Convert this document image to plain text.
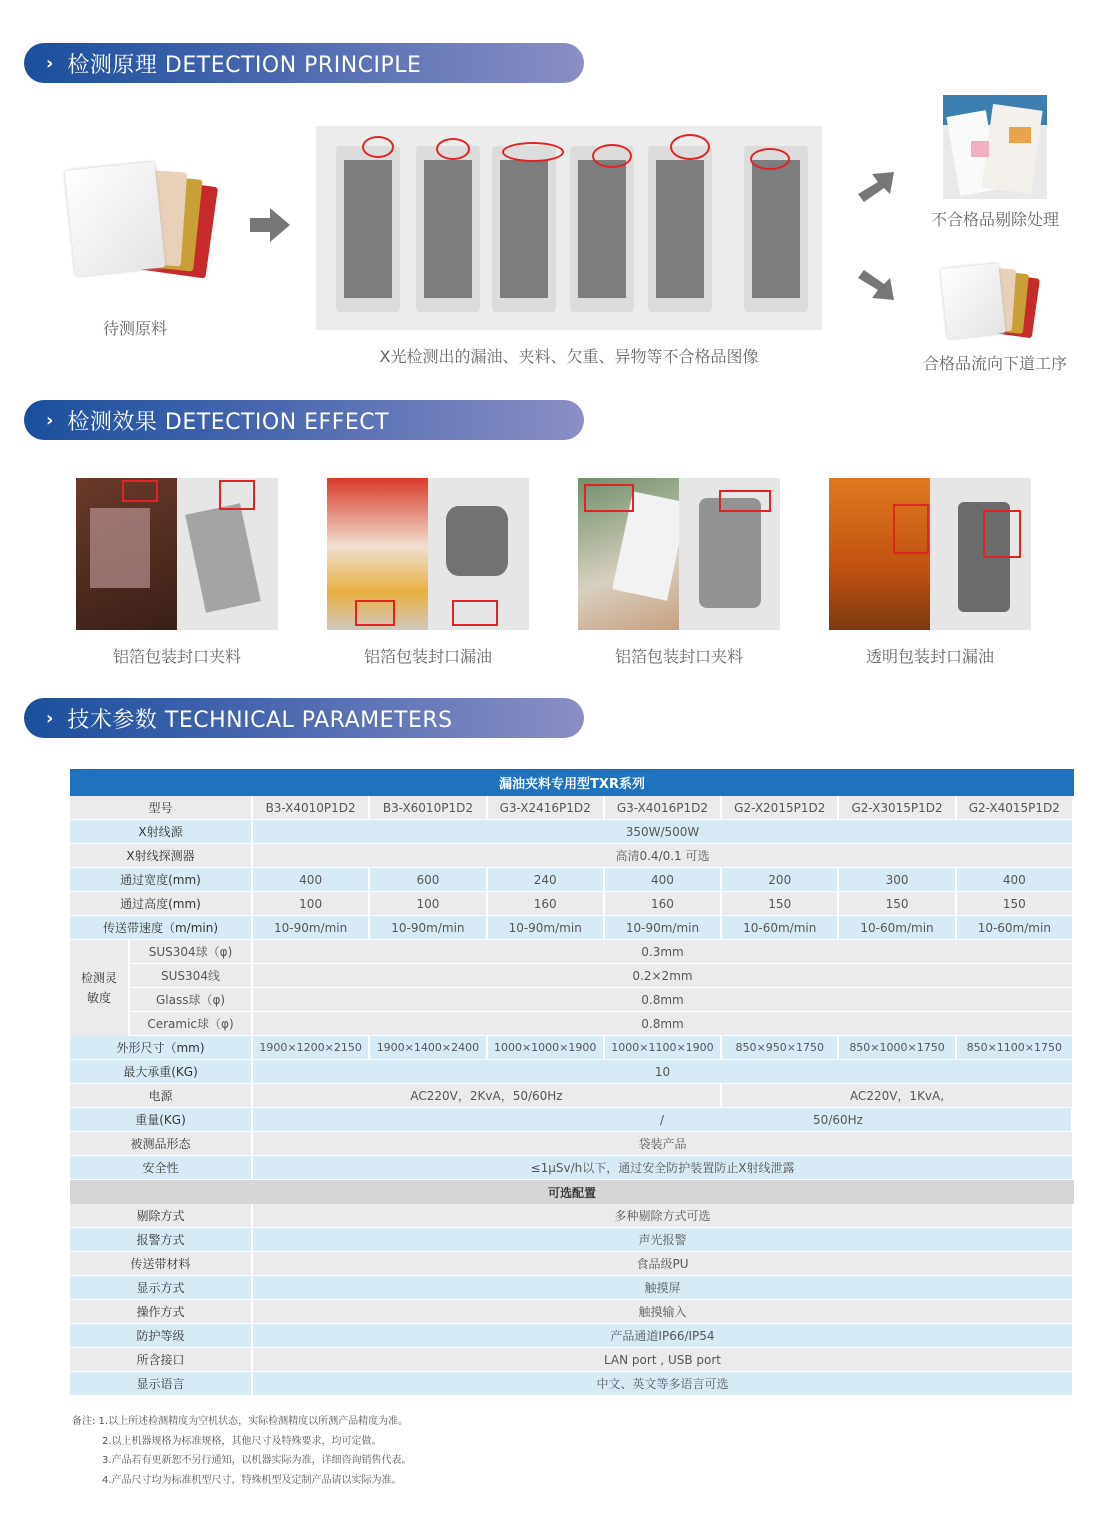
› 检测原理 DETECTION PRINCIPLE
待测原料
X光检测出的漏油、夹料、欠重、异物等不合格品图像
不合格品剔除处理
合格品流向下道工序
› 检测效果 DETECTION EFFECT
铝箔包装封口夹料	铝箔包装封口漏油	铝箔包装封口夹料	透明包装封口漏油
› 技术参数 TECHNICAL PARAMETERS
漏油夹料专用型TXR系列
型号	B3-X4010P1D2	B3-X6010P1D2	G3-X2416P1D2	G3-X4016P1D2	G2-X2015P1D2	G2-X3015P1D2	G2-X4015P1D2
X射线源	350W/500W
X射线探测器	高清0.4/0.1 可选
通过宽度(mm)	400	600	240	400	200	300	400
通过高度(mm)	100	100	160	160	150	150	150
传送带速度（m/min)	10-90m/min	10-90m/min	10-90m/min	10-90m/min	10-60m/min	10-60m/min	10-60m/min
检测灵敏度
SUS304球（φ)	0.3mm
SUS304线	0.2×2mm
Glass球（φ)	0.8mm
Ceramic球（φ)	0.8mm
外形尺寸（mm)	1900×1200×2150	1900×1400×2400	1000×1000×1900	1000×1100×1900	850×950×1750	850×1000×1750	850×1100×1750
最大承重(KG)	10
电源	AC220V，2KvA，50/60Hz	AC220V，1KvA,
重量(KG)	/	50/60Hz
被测品形态	袋装产品
安全性	≤1μSv/h以下，通过安全防护装置防止X射线泄露
可选配置
剔除方式	多种剔除方式可选
报警方式	声光报警
传送带材料	食品级PU
显示方式	触摸屏
操作方式	触摸输入
防护等级	产品通道IP66/IP54
所含接口	LAN port , USB port
显示语言	中文、英文等多语言可选
备注: 1.以上所述检测精度为空机状态，实际检测精度以所测产品精度为准。
2.以上机器规格为标准规格，其他尺寸及特殊要求，均可定做。
3.产品若有更新恕不另行通知，以机器实际为准，详细咨询销售代表。
4.产品尺寸均为标准机型尺寸，特殊机型及定制产品请以实际为准。
